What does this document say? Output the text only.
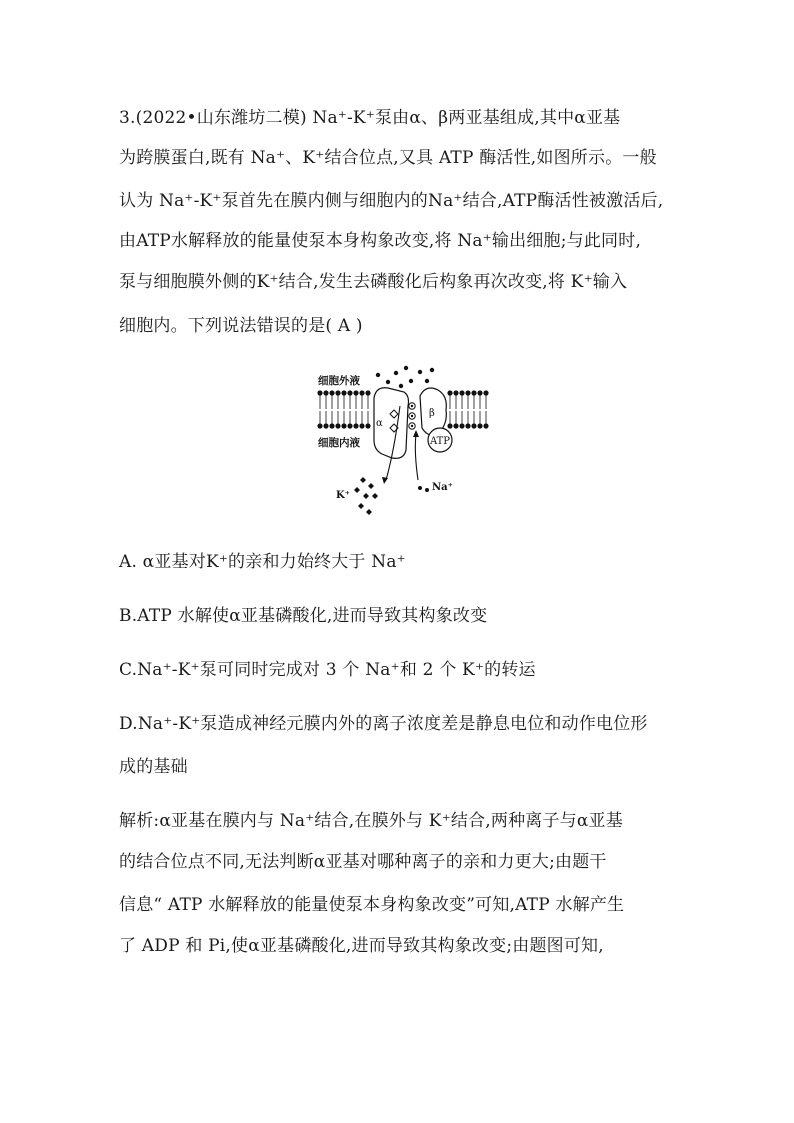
3.(2022•山东潍坊二模) Na⁺-K⁺泵由α、β两亚基组成,其中α亚基
为跨膜蛋白,既有 Na⁺、K⁺结合位点,又具 ATP 酶活性,如图所示。一般
认为 Na⁺-K⁺泵首先在膜内侧与细胞内的Na⁺结合,ATP酶活性被激活后,
由ATP水解释放的能量使泵本身构象改变,将 Na⁺输出细胞;与此同时,
泵与细胞膜外侧的K⁺结合,发生去磷酸化后构象再次改变,将 K⁺输入
细胞内。下列说法错误的是( A )
ATP
细胞外液
细胞内液
α
β
K⁺
Na⁺
A. α亚基对K⁺的亲和力始终大于 Na⁺
B.ATP 水解使α亚基磷酸化,进而导致其构象改变
C.Na⁺-K⁺泵可同时完成对 3 个 Na⁺和 2 个 K⁺的转运
D.Na⁺-K⁺泵造成神经元膜内外的离子浓度差是静息电位和动作电位形
成的基础
解析:α亚基在膜内与 Na⁺结合,在膜外与 K⁺结合,两种离子与α亚基
的结合位点不同,无法判断α亚基对哪种离子的亲和力更大;由题干
信息“ ATP 水解释放的能量使泵本身构象改变”可知,ATP 水解产生
了 ADP 和 Pi,使α亚基磷酸化,进而导致其构象改变;由题图可知,
